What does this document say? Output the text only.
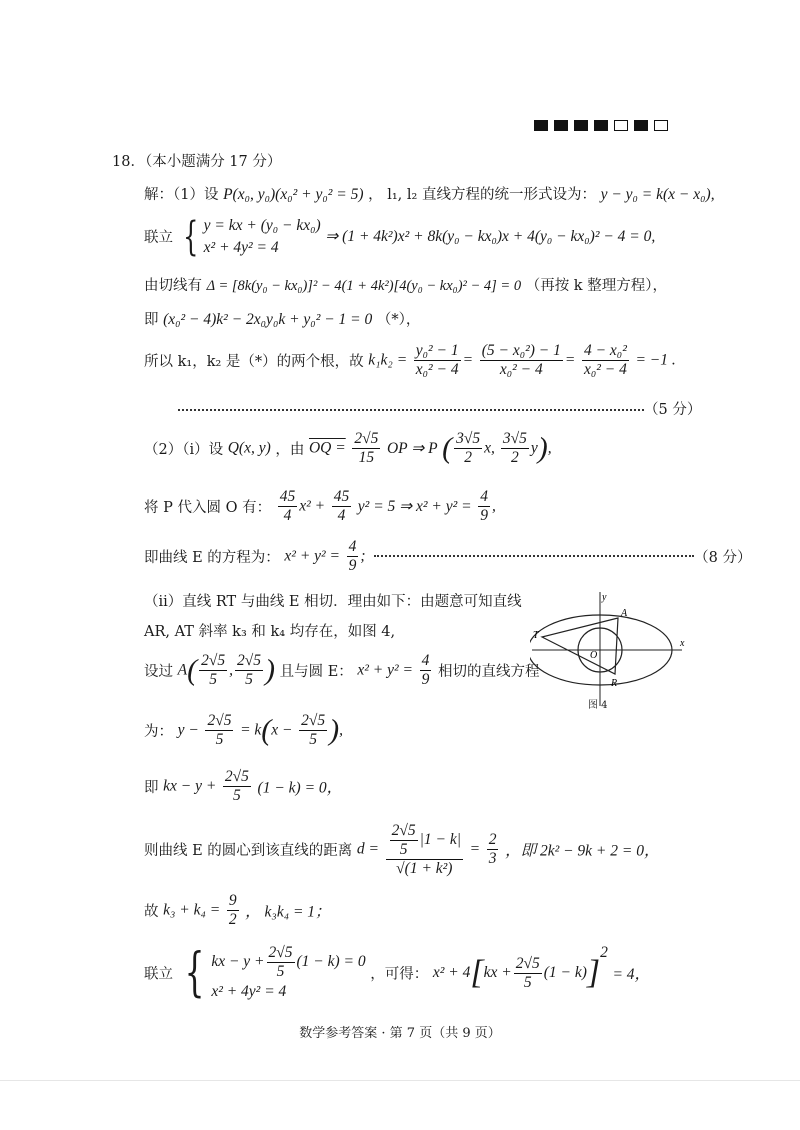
18．（本小题满分 17 分）
解：（1）设 P(x₀, y₀)(x₀² + y₀² = 5) ， l₁, l₂ 直线方程的统一形式设为： y − y₀ = k(x − x₀),
联立 { y = kx + (y₀ − kx₀)
x² + 4y² = 4
⇒ (1 + 4k²)x² + 8k(y₀ − kx₀)x + 4(y₀ − kx₀)² − 4 = 0,
由切线有 Δ = [8k(y₀ − kx₀)]² − 4(1 + 4k²)[4(y₀ − kx₀)² − 4] = 0 （再按 k 整理方程），
即 (x₀² − 4)k² − 2x₀y₀k + y₀² − 1 = 0 （*），
所以 k₁，k₂ 是（*）的两个根，故 $k_1k_2 = \frac{\text{y₀² − 1}}{\text{x₀² − 4}} = \frac{\text{(5 − x₀²) − 1}}{\text{x₀² − 4}} = \frac{\text{4 − x₀²}}{\text{x₀² − 4}} = -1$ .
（5 分）
（2）（i）设 Q(x, y) ，由 OQ = $\frac{2√5}{15}$ OP ⇒ P ( $\frac{3√5}{2} x$, $\frac{3√5}{2} y$),
将 P 代入圆 O 有： $\frac{45}{4} x^2 + \frac{45}{4} y^2 = 5$ ⇒ $x^2 + y^2 = \frac{4}{9}$ ,
即曲线 E 的方程为： $x^2 + y^2 = \frac{4}{9}$ ;	（8 分）
（ii）直线 RT 与曲线 E 相切．理由如下：由题意可知直线
AR, AT 斜率 k₃ 和 k₄ 均存在，如图 4,
设过 $A( \frac{2√5}{5}$ , $\frac{2√5}{5}$ ) 且与圆 E： $x^2 + y^2 = \frac{4}{9}$ 相切的直线方程
y
x
A
T
O
R
图 4
为： $y - \frac{2√5}{5} = k(x - \frac{2√5}{5}$ ),
即 kx − $y + \frac{2√5}{5} (1 - k) = 0$，
则曲线 E 的圆心到该直线的距离 $d = \frac{\frac{2√5}{5} |1 - k|}{\text{√(1 + k²)}} = \frac{2}{3}$ ，即 2k² − 9k + 2 = 0，
故 $k_3 + k_4 = \frac{9}{2}$ ， k₃k₄ = 1；
联立 { kx − $y + \frac{2√5}{5} (1 - k) = 0$
x² + 4y² = 4
，可得： $x^2 + 4[kx + \frac{2√5}{5} (1 - k)]^2 = 4$，
数学参考答案 · 第 7 页（共 9 页）
